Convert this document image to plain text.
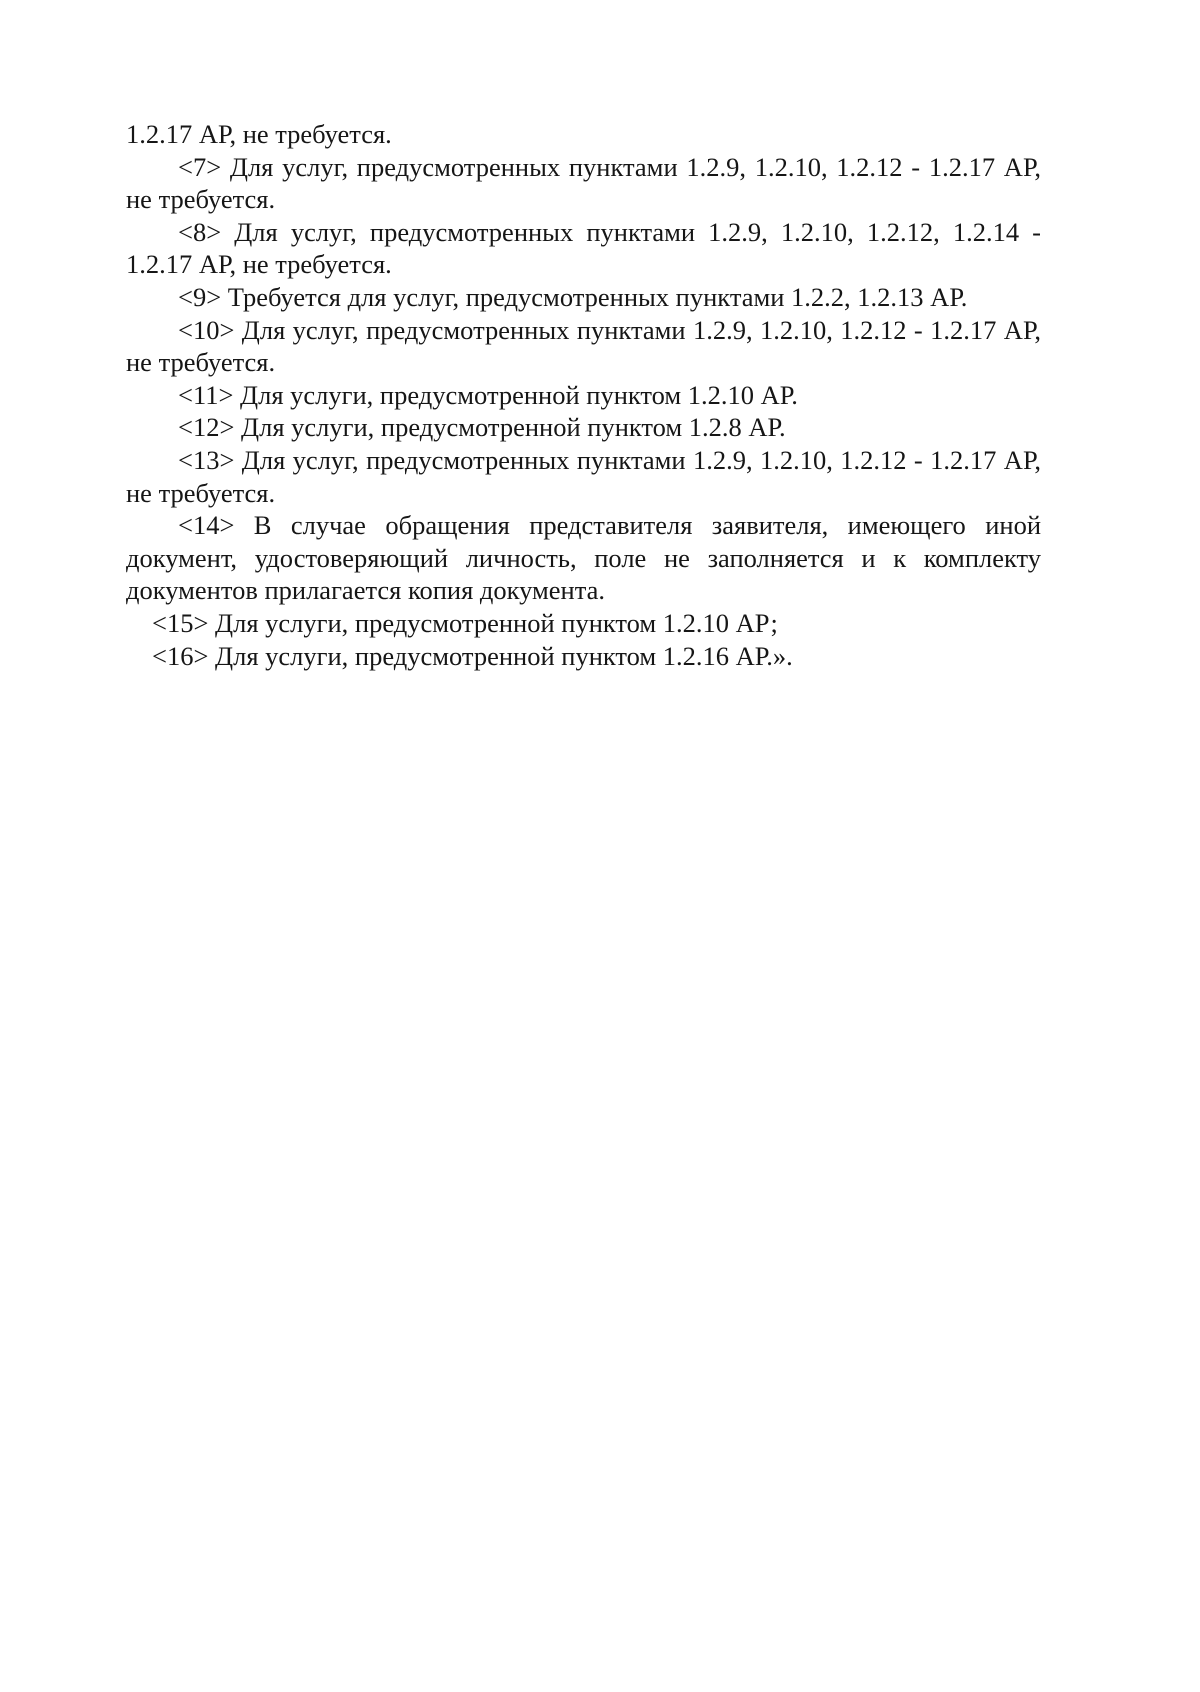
1.2.17 АР, не требуется.

<7> Для услуг, предусмотренных пунктами 1.2.9, 1.2.10, 1.2.12 - 1.2.17 АР, не требуется.

<8> Для услуг, предусмотренных пунктами 1.2.9, 1.2.10, 1.2.12, 1.2.14 - 1.2.17 АР, не требуется.

<9> Требуется для услуг, предусмотренных пунктами 1.2.2, 1.2.13 АР.

<10> Для услуг, предусмотренных пунктами 1.2.9, 1.2.10, 1.2.12 - 1.2.17 АР, не требуется.

<11> Для услуги, предусмотренной пунктом 1.2.10 АР.

<12> Для услуги, предусмотренной пунктом 1.2.8 АР.

<13> Для услуг, предусмотренных пунктами 1.2.9, 1.2.10, 1.2.12 - 1.2.17 АР, не требуется.

<14> В случае обращения представителя заявителя, имеющего иной документ, удостоверяющий личность, поле не заполняется и к комплекту документов прилагается копия документа.

<15> Для услуги, предусмотренной пунктом 1.2.10 АР;

<16> Для услуги, предусмотренной пунктом 1.2.16 АР.».
